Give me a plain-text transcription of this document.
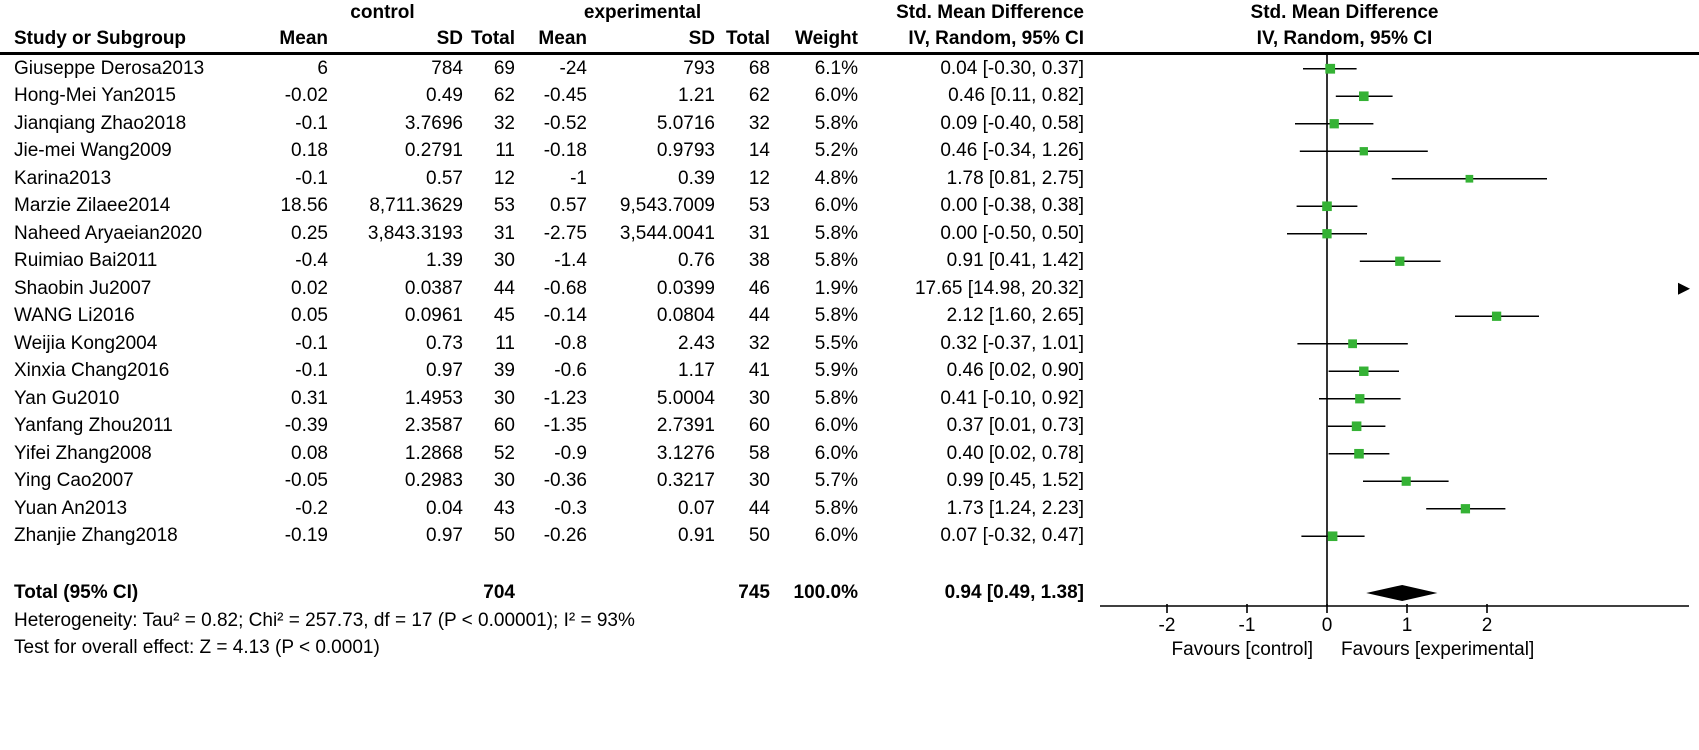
control	experimental	Std. Mean Difference	Std. Mean Difference
Study or Subgroup	Mean	SD Total	Mean	SD Total	Weight	IV, Random, 95% CI	IV, Random, 95% CI
Giuseppe Derosa2013	6	784	69	-24	793	68	6.1%	0.04 [-0.30, 0.37]
Hong-Mei Yan2015	-0.02	0.49	62	-0.45	1.21	62	6.0%	0.46 [0.11, 0.82]
Jianqiang Zhao2018	-0.1	3.7696	32	-0.52	5.0716	32	5.8%	0.09 [-0.40, 0.58]
Jie-mei Wang2009	0.18	0.2791	11	-0.18	0.9793	14	5.2%	0.46 [-0.34, 1.26]
Karina2013	-0.1	0.57	12	-1	0.39	12	4.8%	1.78 [0.81, 2.75]
Marzie Zilaee2014	18.56	8,711.3629	53	0.57	9,543.7009	53	6.0%	0.00 [-0.38, 0.38]
Naheed Aryaeian2020	0.25	3,843.3193	31	-2.75	3,544.0041	31	5.8%	0.00 [-0.50, 0.50]
Ruimiao Bai2011	-0.4	1.39	30	-1.4	0.76	38	5.8%	0.91 [0.41, 1.42]
Shaobin Ju2007	0.02	0.0387	44	-0.68	0.0399	46	1.9%	17.65 [14.98, 20.32]
WANG Li2016	0.05	0.0961	45	-0.14	0.0804	44	5.8%	2.12 [1.60, 2.65]
Weijia Kong2004	-0.1	0.73	11	-0.8	2.43	32	5.5%	0.32 [-0.37, 1.01]
Xinxia Chang2016	-0.1	0.97	39	-0.6	1.17	41	5.9%	0.46 [0.02, 0.90]
Yan Gu2010	0.31	1.4953	30	-1.23	5.0004	30	5.8%	0.41 [-0.10, 0.92]
Yanfang Zhou2011	-0.39	2.3587	60	-1.35	2.7391	60	6.0%	0.37 [0.01, 0.73]
Yifei Zhang2008	0.08	1.2868	52	-0.9	3.1276	58	6.0%	0.40 [0.02, 0.78]
Ying Cao2007	-0.05	0.2983	30	-0.36	0.3217	30	5.7%	0.99 [0.45, 1.52]
Yuan An2013	-0.2	0.04	43	-0.3	0.07	44	5.8%	1.73 [1.24, 2.23]
Zhanjie Zhang2018	-0.19	0.97	50	-0.26	0.91	50	6.0%	0.07 [-0.32, 0.47]
Total (95% CI)	704	745	100.0%	0.94 [0.49, 1.38]
Heterogeneity: Tau² = 0.82; Chi² = 257.73, df = 17 (P < 0.00001); I² = 93%
Test for overall effect: Z = 4.13 (P < 0.0001)
-2	-1	0	1	2
Favours [control] Favours [experimental]
